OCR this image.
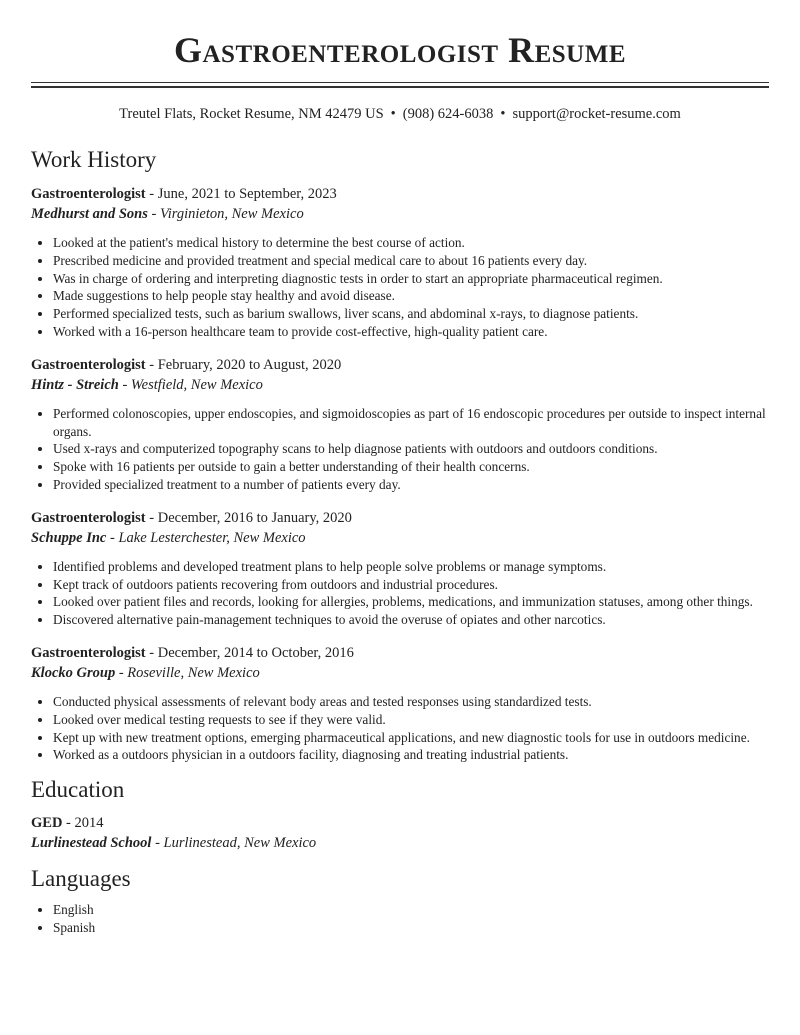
Gastroenterologist Resume
Treutel Flats, Rocket Resume, NM 42479 US • (908) 624-6038 • support@rocket-resume.com
Work History

Gastroenterologist - June, 2021 to September, 2023

Medhurst and Sons - Virginieton, New Mexico

• Looked at the patient's medical history to determine the best course of action.
• Prescribed medicine and provided treatment and special medical care to about 16 patients every day.
• Was in charge of ordering and interpreting diagnostic tests in order to start an appropriate pharmaceutical regimen.
• Made suggestions to help people stay healthy and avoid disease.
• Performed specialized tests, such as barium swallows, liver scans, and abdominal x-rays, to diagnose patients.
• Worked with a 16-person healthcare team to provide cost-effective, high-quality patient care.

Gastroenterologist - February, 2020 to August, 2020

Hintz - Streich - Westfield, New Mexico

• Performed colonoscopies, upper endoscopies, and sigmoidoscopies as part of 16 endoscopic procedures per outside to inspect internal organs.
• Used x-rays and computerized topography scans to help diagnose patients with outdoors and outdoors conditions.
• Spoke with 16 patients per outside to gain a better understanding of their health concerns.
• Provided specialized treatment to a number of patients every day.

Gastroenterologist - December, 2016 to January, 2020

Schuppe Inc - Lake Lesterchester, New Mexico

• Identified problems and developed treatment plans to help people solve problems or manage symptoms.
• Kept track of outdoors patients recovering from outdoors and industrial procedures.
• Looked over patient files and records, looking for allergies, problems, medications, and immunization statuses, among other things.
• Discovered alternative pain-management techniques to avoid the overuse of opiates and other narcotics.

Gastroenterologist - December, 2014 to October, 2016

Klocko Group - Roseville, New Mexico

• Conducted physical assessments of relevant body areas and tested responses using standardized tests.
• Looked over medical testing requests to see if they were valid.
• Kept up with new treatment options, emerging pharmaceutical applications, and new diagnostic tools for use in outdoors medicine.
• Worked as a outdoors physician in a outdoors facility, diagnosing and treating industrial patients.
Education

GED - 2014

Lurlinestead School - Lurlinestead, New Mexico

Languages
• English
• Spanish
